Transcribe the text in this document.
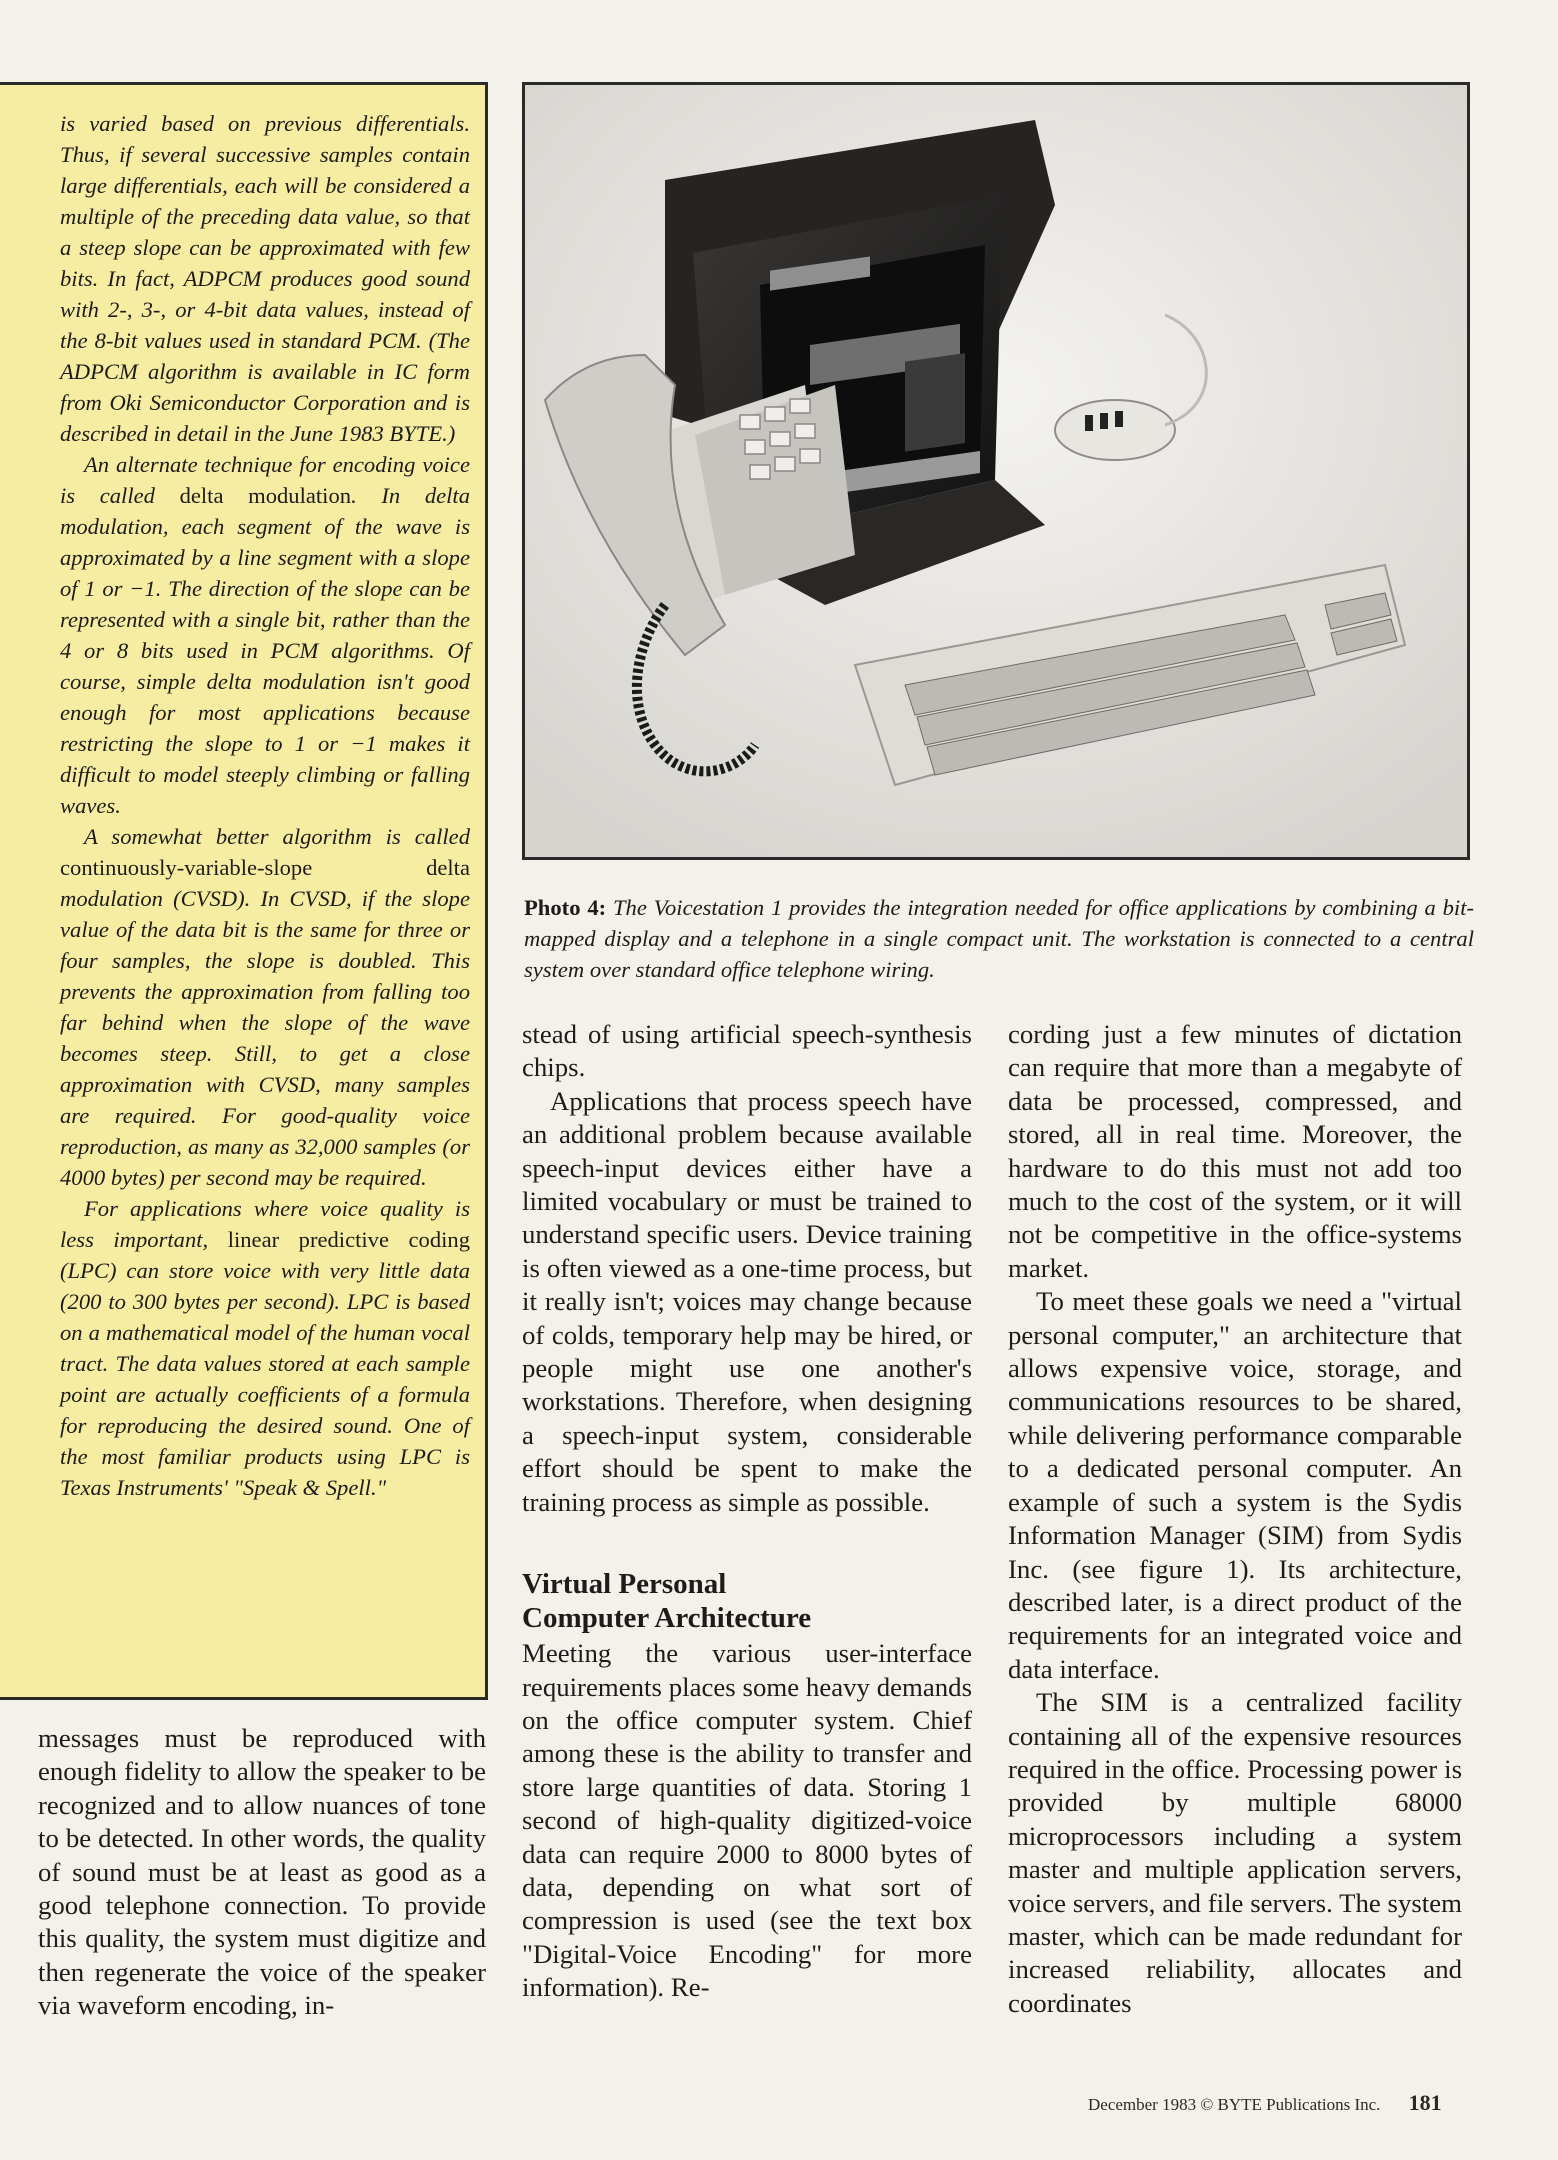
is varied based on previous differentials. Thus, if several successive samples contain large differentials, each will be considered a multiple of the preceding data value, so that a steep slope can be approximated with few bits. In fact, ADPCM produces good sound with 2-, 3-, or 4-bit data values, instead of the 8-bit values used in standard PCM. (The ADPCM algorithm is available in IC form from Oki Semiconductor Corporation and is described in detail in the June 1983 BYTE.)

An alternate technique for encoding voice is called delta modulation. In delta modulation, each segment of the wave is approximated by a line segment with a slope of 1 or −1. The direction of the slope can be represented with a single bit, rather than the 4 or 8 bits used in PCM algorithms. Of course, simple delta modulation isn't good enough for most applications because restricting the slope to 1 or −1 makes it difficult to model steeply climbing or falling waves.

A somewhat better algorithm is called continuously-variable-slope delta modulation (CVSD). In CVSD, if the slope value of the data bit is the same for three or four samples, the slope is doubled. This prevents the approximation from falling too far behind when the slope of the wave becomes steep. Still, to get a close approximation with CVSD, many samples are required. For good-quality voice reproduction, as many as 32,000 samples (or 4000 bytes) per second may be required.

For applications where voice quality is less important, linear predictive coding (LPC) can store voice with very little data (200 to 300 bytes per second). LPC is based on a mathematical model of the human vocal tract. The data values stored at each sample point are actually coefficients of a formula for reproducing the desired sound. One of the most familiar products using LPC is Texas Instruments' "Speak & Spell."

Photo 4: The Voicestation 1 provides the integration needed for office applications by combining a bit-mapped display and a telephone in a single compact unit. The workstation is connected to a central system over standard office telephone wiring.

messages must be reproduced with enough fidelity to allow the speaker to be recognized and to allow nuances of tone to be detected. In other words, the quality of sound must be at least as good as a good telephone connection. To provide this quality, the system must digitize and then regenerate the voice of the speaker via waveform encoding, in-

stead of using artificial speech-synthesis chips.

Applications that process speech have an additional problem because available speech-input devices either have a limited vocabulary or must be trained to understand specific users. Device training is often viewed as a one-time process, but it really isn't; voices may change because of colds, temporary help may be hired, or people might use one another's workstations. Therefore, when designing a speech-input system, considerable effort should be spent to make the training process as simple as possible.

Virtual Personal
Computer Architecture

Meeting the various user-interface requirements places some heavy demands on the office computer system. Chief among these is the ability to transfer and store large quantities of data. Storing 1 second of high-quality digitized-voice data can require 2000 to 8000 bytes of data, depending on what sort of compression is used (see the text box "Digital-Voice Encoding" for more information). Re-

cording just a few minutes of dictation can require that more than a megabyte of data be processed, compressed, and stored, all in real time. Moreover, the hardware to do this must not add too much to the cost of the system, or it will not be competitive in the office-systems market.

To meet these goals we need a "virtual personal computer," an architecture that allows expensive voice, storage, and communications resources to be shared, while delivering performance comparable to a dedicated personal computer. An example of such a system is the Sydis Information Manager (SIM) from Sydis Inc. (see figure 1). Its architecture, described later, is a direct product of the requirements for an integrated voice and data interface.

The SIM is a centralized facility containing all of the expensive resources required in the office. Processing power is provided by multiple 68000 microprocessors including a system master and multiple application servers, voice servers, and file servers. The system master, which can be made redundant for increased reliability, allocates and coordinates

December 1983 © BYTE Publications Inc. 181
